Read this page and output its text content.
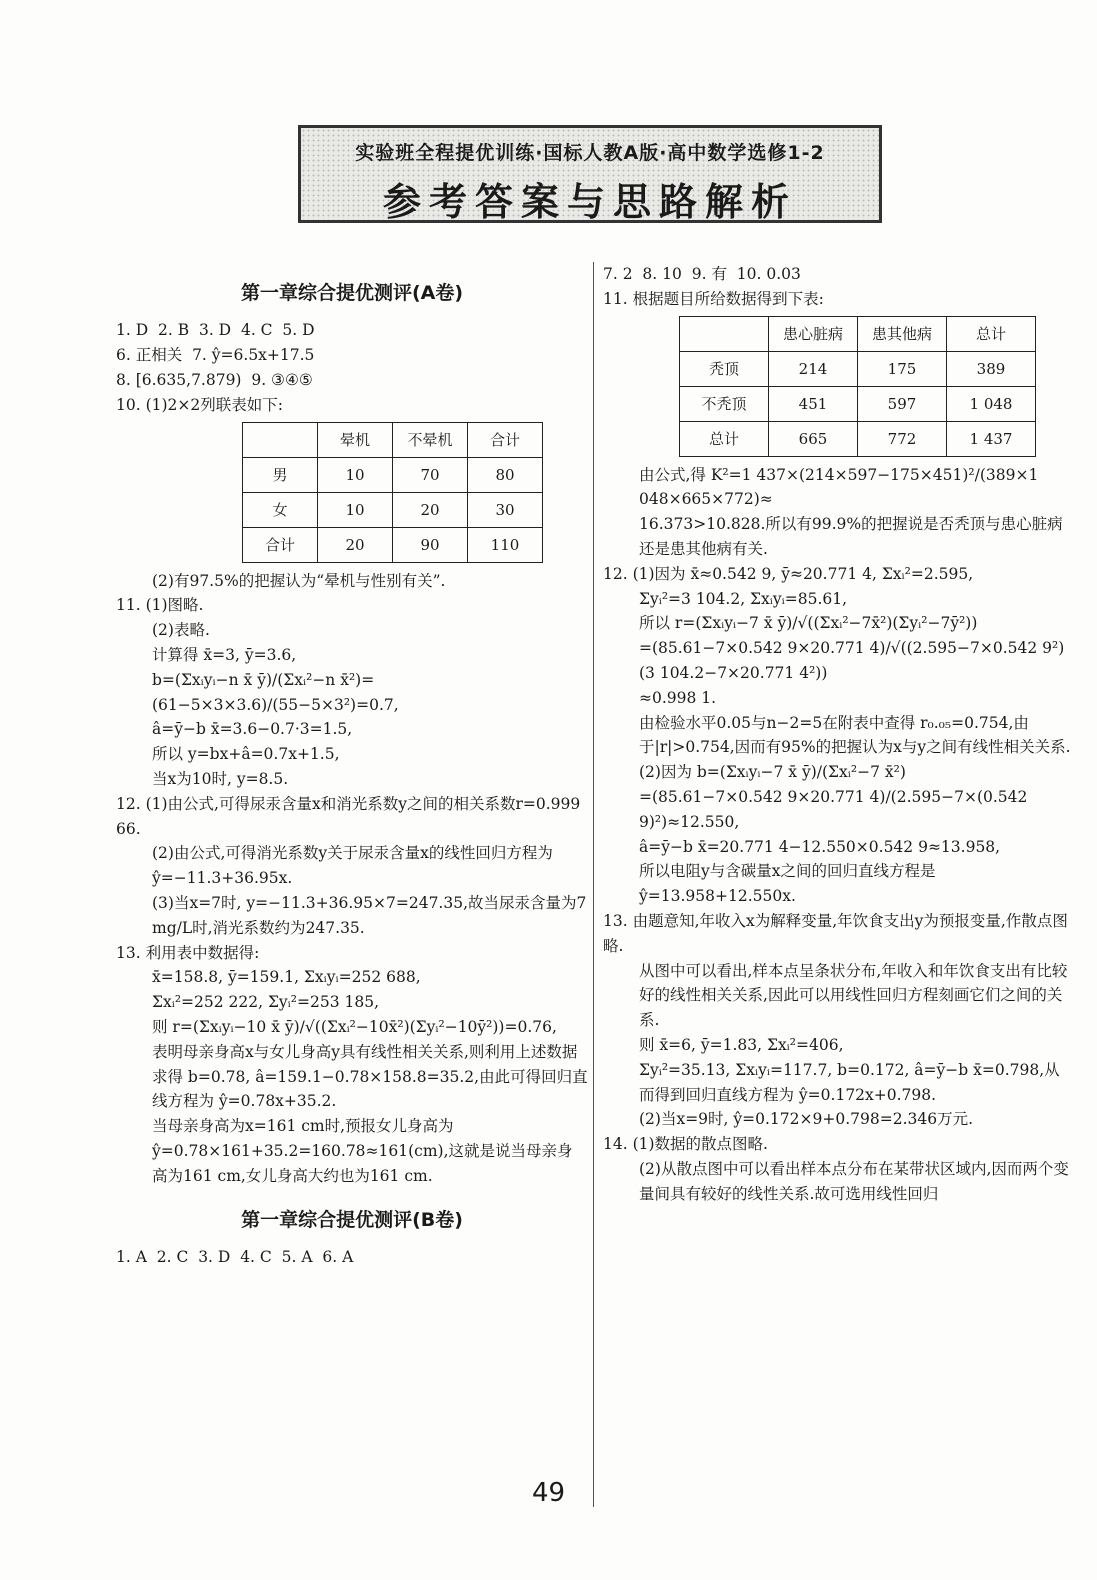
实验班全程提优训练·国标人教A版·高中数学选修1-2
参考答案与思路解析
第一章综合提优测评(A卷)

1. D  2. B  3. D  4. C  5. D

6. 正相关  7. ŷ=6.5x+17.5

8. [6.635,7.879)  9. ③④⑤

10. (1)2×2列联表如下:

	晕机	不晕机	合计
男	10	70	80
女	10	20	30
合计	20	90	110

(2)有97.5%的把握认为“晕机与性别有关”.

11. (1)图略.

(2)表略.

计算得 x̄=3, ȳ=3.6,

b=(Σxᵢyᵢ−n x̄ ȳ)/(Σxᵢ²−n x̄²)=(61−5×3×3.6)/(55−5×3²)=0.7,

â=ȳ−b x̄=3.6−0.7·3=1.5,

所以 y=bx+â=0.7x+1.5,

当x为10时, y=8.5.

12. (1)由公式,可得尿汞含量x和消光系数y之间的相关系数r=0.999 66.

(2)由公式,可得消光系数y关于尿汞含量x的线性回归方程为ŷ=−11.3+36.95x.

(3)当x=7时, y=−11.3+36.95×7=247.35,故当尿汞含量为7 mg/L时,消光系数约为247.35.

13. 利用表中数据得:

x̄=158.8, ȳ=159.1, Σxᵢyᵢ=252 688,

Σxᵢ²=252 222, Σyᵢ²=253 185,

则 r=(Σxᵢyᵢ−10 x̄ ȳ)/√((Σxᵢ²−10x̄²)(Σyᵢ²−10ȳ²))=0.76,

表明母亲身高x与女儿身高y具有线性相关关系,则利用上述数据求得 b=0.78, â=159.1−0.78×158.8=35.2,由此可得回归直线方程为 ŷ=0.78x+35.2.

当母亲身高为x=161 cm时,预报女儿身高为

ŷ=0.78×161+35.2=160.78≈161(cm),这就是说当母亲身高为161 cm,女儿身高大约也为161 cm.

第一章综合提优测评(B卷)

1. A  2. C  3. D  4. C  5. A  6. A

7. 2  8. 10  9. 有  10. 0.03

11. 根据题目所给数据得到下表:

	患心脏病	患其他病	总计
秃顶	214	175	389
不秃顶	451	597	1 048
总计	665	772	1 437

由公式,得 K²=1 437×(214×597−175×451)²/(389×1 048×665×772)≈

16.373>10.828.所以有99.9%的把握说是否秃顶与患心脏病还是患其他病有关.

12. (1)因为 x̄≈0.542 9, ȳ≈20.771 4, Σxᵢ²=2.595,

Σyᵢ²=3 104.2, Σxᵢyᵢ=85.61,

所以 r=(Σxᵢyᵢ−7 x̄ ȳ)/√((Σxᵢ²−7x̄²)(Σyᵢ²−7ȳ²))

=(85.61−7×0.542 9×20.771 4)/√((2.595−7×0.542 9²)(3 104.2−7×20.771 4²))

≈0.998 1.

由检验水平0.05与n−2=5在附表中查得 r₀.₀₅=0.754,由于|r|>0.754,因而有95%的把握认为x与y之间有线性相关关系.

(2)因为 b=(Σxᵢyᵢ−7 x̄ ȳ)/(Σxᵢ²−7 x̄²)

=(85.61−7×0.542 9×20.771 4)/(2.595−7×(0.542 9)²)≈12.550,

â=ȳ−b x̄=20.771 4−12.550×0.542 9≈13.958,

所以电阻y与含碳量x之间的回归直线方程是

ŷ=13.958+12.550x.

13. 由题意知,年收入x为解释变量,年饮食支出y为预报变量,作散点图略.

从图中可以看出,样本点呈条状分布,年收入和年饮食支出有比较好的线性相关关系,因此可以用线性回归方程刻画它们之间的关系.

则 x̄=6, ȳ=1.83, Σxᵢ²=406,

Σyᵢ²=35.13, Σxᵢyᵢ=117.7, b=0.172, â=ȳ−b x̄=0.798,从而得到回归直线方程为 ŷ=0.172x+0.798.

(2)当x=9时, ŷ=0.172×9+0.798=2.346万元.

14. (1)数据的散点图略.

(2)从散点图中可以看出样本点分布在某带状区域内,因而两个变量间具有较好的线性关系.故可选用线性回归

49
